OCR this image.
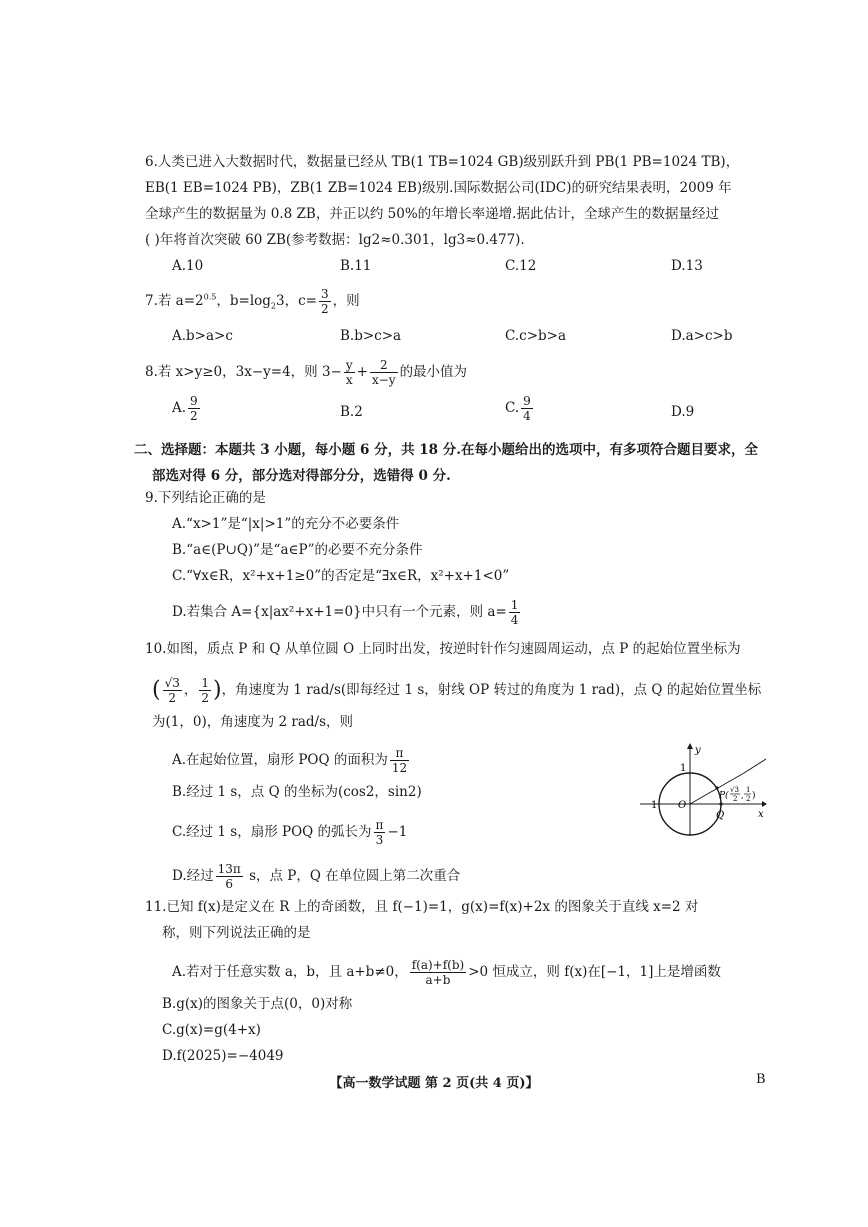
6.人类已进入大数据时代，数据量已经从 TB(1 TB=1024 GB)级别跃升到 PB(1 PB=1024 TB)，
EB(1 EB=1024 PB)，ZB(1 ZB=1024 EB)级别.国际数据公司(IDC)的研究结果表明，2009 年
全球产生的数据量为 0.8 ZB，并正以约 50%的年增长率递增.据此估计，全球产生的数据量经过
( )年将首次突破 60 ZB(参考数据：lg2≈0.301，lg3≈0.477).
A.10	B.11	C.12	D.13
7.若 $a=2^{0.5}$，$b=\log_23$，$c= \frac{3}{2}$ ，则
A.b>a>c	B.b>c>a	C.c>b>a	D.a>c>b
8.若 x>y≥0，3x−y=4，则 $3- \frac{y}{x} + \frac{2}{x-y}$ 的最小值为
A. $\frac{9}{2}$	B.2	C. $\frac{9}{4}$	D.9
二、选择题：本题共 3 小题，每小题 6 分，共 18 分.在每小题给出的选项中，有多项符合题目要求，全
部选对得 6 分，部分选对得部分分，选错得 0 分.
9.下列结论正确的是
A.“x>1”是“|x|>1”的充分不必要条件
B.“a∈(P∪Q)”是“a∈P”的必要不充分条件
C.“∀x∈R，x²+x+1≥0”的否定是“∃x∈R，x²+x+1<0”
D.若集合 A={x|ax²+x+1=0}中只有一个元素，则 $a= \frac{1}{4}$
10.如图，质点 P 和 Q 从单位圆 O 上同时出发，按逆时针作匀速圆周运动，点 P 的起始位置坐标为
( $\frac{√3}{2}$ ， $\frac{1}{2}$ )，角速度为 1 rad/s(即每经过 1 s，射线 OP 转过的角度为 1 rad)，点 Q 的起始位置坐标
为(1，0)，角速度为 2 rad/s，则
A.在起始位置，扇形 POQ 的面积为 $\frac{\pi}{12}$
B.经过 1 s，点 Q 的坐标为(cos2，sin2)
C.经过 1 s，扇形 POQ 的弧长为 $\frac{\pi}{3} -1$
D.经过 $\frac{13\pi}{6}$ s，点 P，Q 在单位圆上第二次重合
y
x
1
1 O
Q
P(
√3
2 ,
1
2 )
11.已知 f(x)是定义在 R 上的奇函数，且 f(−1)=1，g(x)=f(x)+2x 的图象关于直线 x=2 对
称，则下列说法正确的是
A.若对于任意实数 a，b，且 a+b≠0， $\frac{f(a)+f(b)}{a+b} >0$ 恒成立，则 f(x)在[−1，1]上是增函数
B.g(x)的图象关于点(0，0)对称
C.g(x)=g(4+x)
D.f(2025)=−4049
【高一数学试题 第 2 页(共 4 页)】	B
